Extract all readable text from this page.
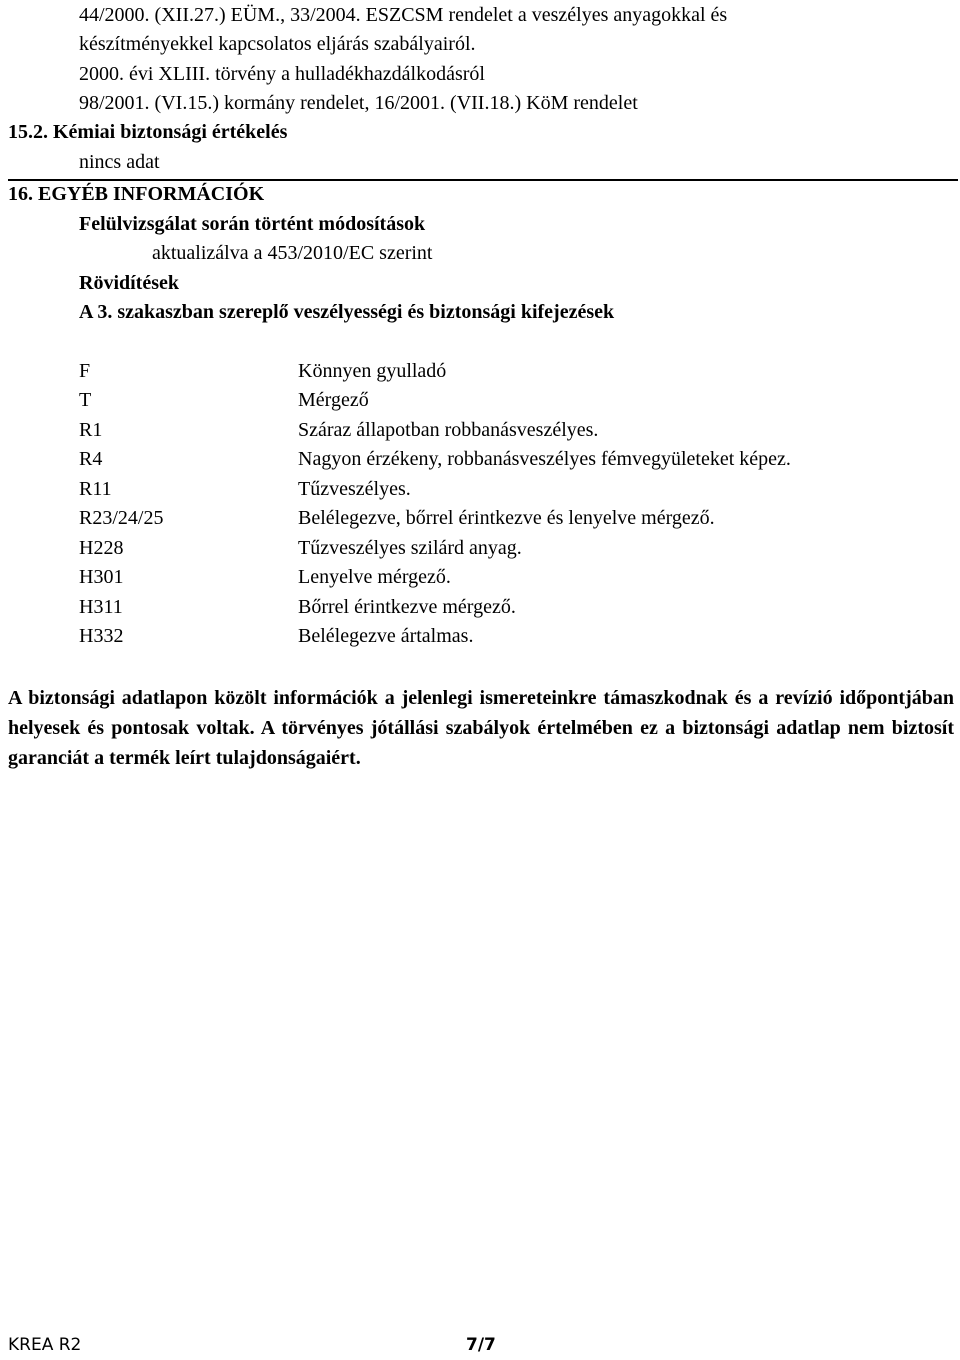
44/2000. (XII.27.) EÜM., 33/2004. ESZCSM rendelet a veszélyes anyagokkal és
készítményekkel kapcsolatos eljárás szabályairól.
2000. évi XLIII. törvény a hulladékhazdálkodásról
98/2001. (VI.15.) kormány rendelet, 16/2001. (VII.18.) KöM rendelet
15.2. Kémiai biztonsági értékelés
nincs adat
16. EGYÉB INFORMÁCIÓK
Felülvizsgálat során történt módosítások
aktualizálva a 453/2010/EC szerint
Rövidítések
A 3. szakaszban szereplő veszélyességi és biztonsági kifejezések
F	Könnyen gyulladó
T	Mérgező
R1	Száraz állapotban robbanásveszélyes.
R4	Nagyon érzékeny, robbanásveszélyes fémvegyületeket képez.
R11	Tűzveszélyes.
R23/24/25	Belélegezve, bőrrel érintkezve és lenyelve mérgező.
H228	Tűzveszélyes szilárd anyag.
H301	Lenyelve mérgező.
H311	Bőrrel érintkezve mérgező.
H332	Belélegezve ártalmas.
A biztonsági adatlapon közölt információk a jelenlegi ismereteinkre támaszkodnak és a revízió időpontjában helyesek és pontosak voltak. A törvényes jótállási szabályok értelmében ez a biztonsági adatlap nem biztosít garanciát a termék leírt tulajdonságaiért.
KREA R2	7/7
